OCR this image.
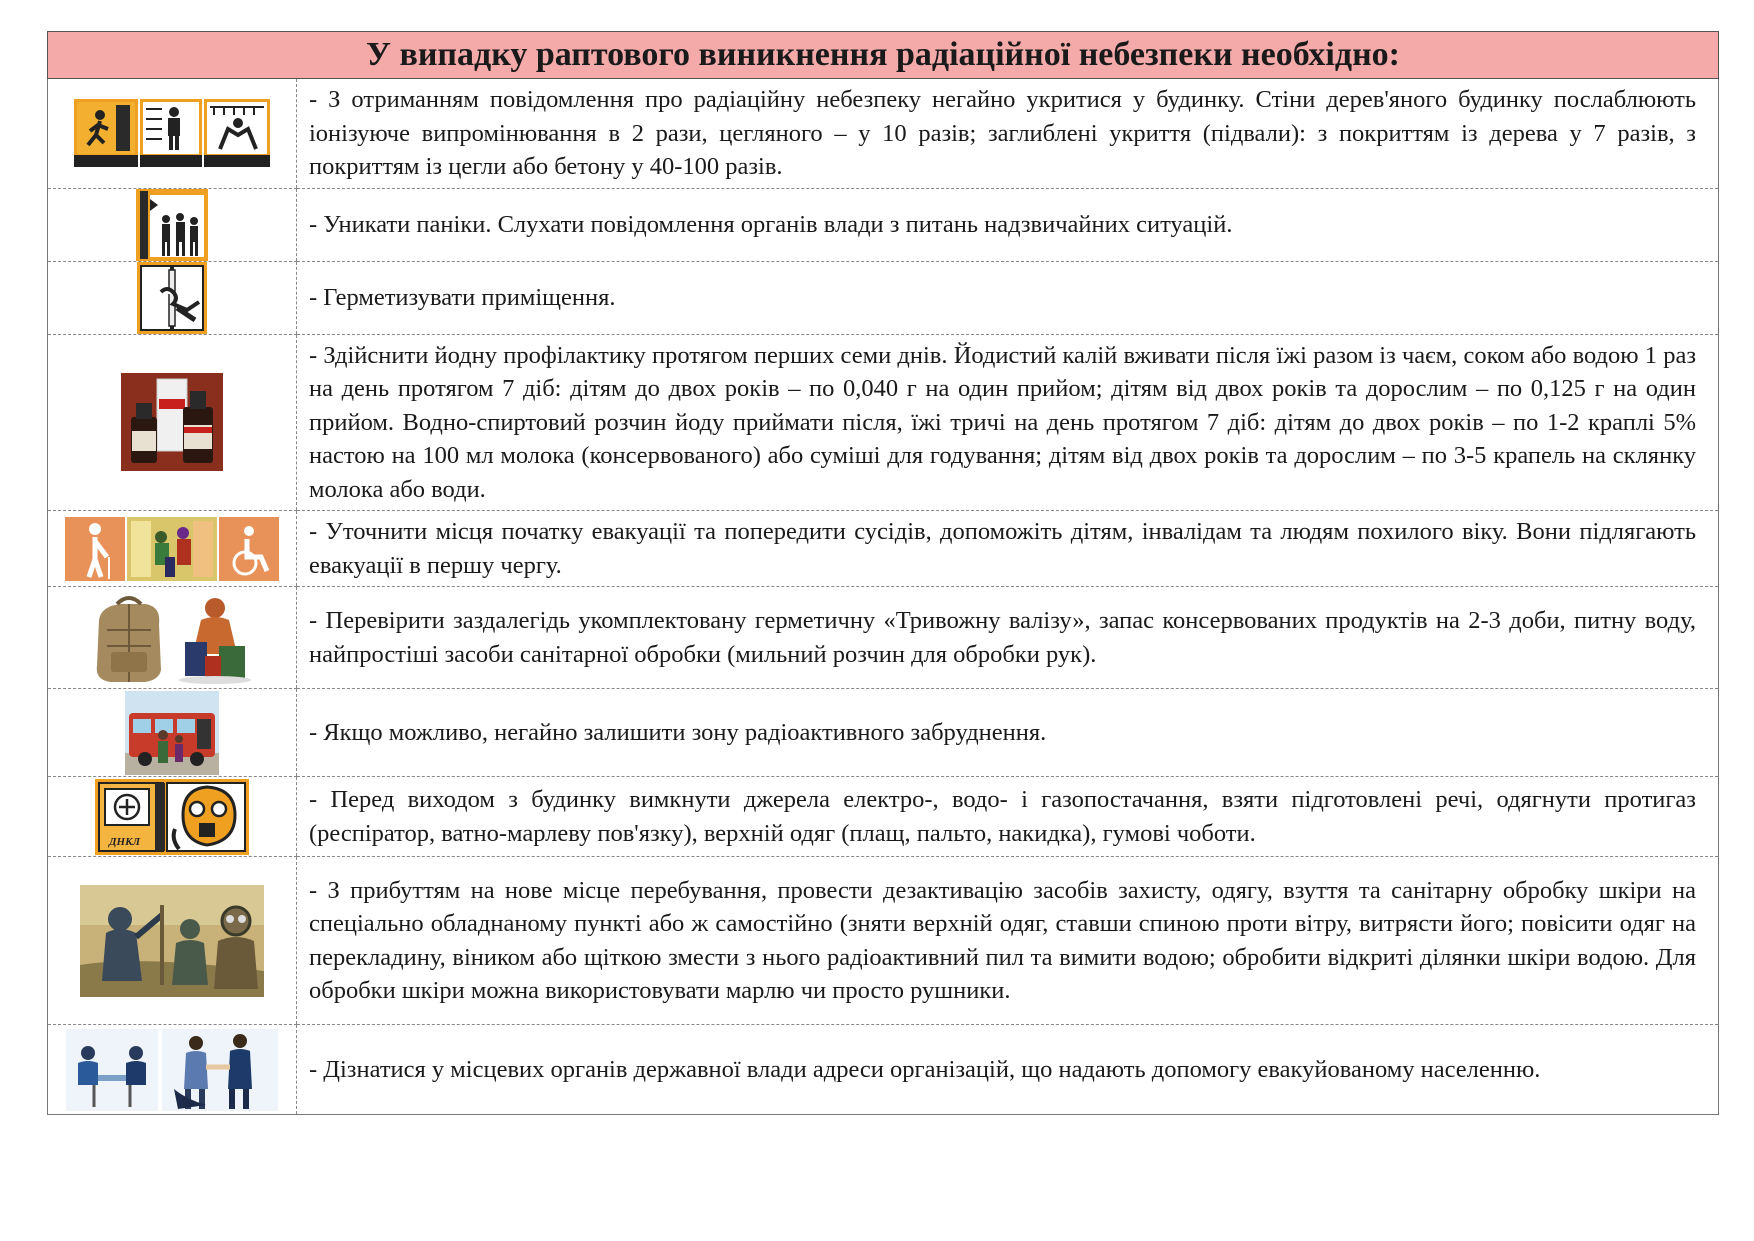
У випадку раптового виникнення радіаційної небезпеки необхідно:
	- З отриманням повідомлення про радіаційну небезпеку негайно укритися у будинку. Стіни дерев'яного будинку послаблюють іонізуюче випромінювання в 2 рази, цегляного – у 10 разів; заглиблені укриття (підвали): з покриттям із дерева у 7 разів, з покриттям із цегли або бетону у 40-100 разів.
	- Уникати паніки. Слухати повідомлення органів влади з питань надзвичайних ситуацій.
	- Герметизувати приміщення.
	- Здійснити йодну профілактику протягом перших семи днів. Йодистий калій вживати після їжі разом із чаєм, соком або водою 1 раз на день протягом 7 діб: дітям до двох років – по 0,040 г на один прийом; дітям від двох років та дорослим – по 0,125 г на один прийом. Водно-спиртовий розчин йоду приймати після, їжі тричі на день протягом 7 діб: дітям до двох років – по 1-2 краплі 5% настою на 100 мл молока (консервованого) або суміші для годування; дітям від двох років та дорослим – по 3-5 крапель на склянку молока або води.
	- Уточнити місця початку евакуації та попередити сусідів, допоможіть дітям, інвалідам та людям похилого віку. Вони підлягають евакуації в першу чергу.
	- Перевірити заздалегідь укомплектовану герметичну «Тривожну валізу», запас консервованих продуктів на 2-3 доби, питну воду, найпростіші засоби санітарної обробки (мильний розчин для обробки рук).
	- Якщо можливо, негайно залишити зону радіоактивного забруднення.

ДНКЛ	- Перед виходом з будинку вимкнути джерела електро-, водо- і газопостачання, взяти підготовлені речі, одягнути протигаз (респіратор, ватно-марлеву пов'язку), верхній одяг (плащ, пальто, накидка), гумові чоботи.
	- З прибуттям на нове місце перебування, провести дезактивацію засобів захисту, одягу, взуття та санітарну обробку шкіри на спеціально обладнаному пункті або ж самостійно (зняти верхній одяг, ставши спиною проти вітру, витрясти його; повісити одяг на перекладину, віником або щіткою змести з нього радіоактивний пил та вимити водою; обробити відкриті ділянки шкіри водою. Для обробки шкіри можна використовувати марлю чи просто рушники.
	- Дізнатися у місцевих органів державної влади адреси організацій, що надають допомогу евакуйованому населенню.
